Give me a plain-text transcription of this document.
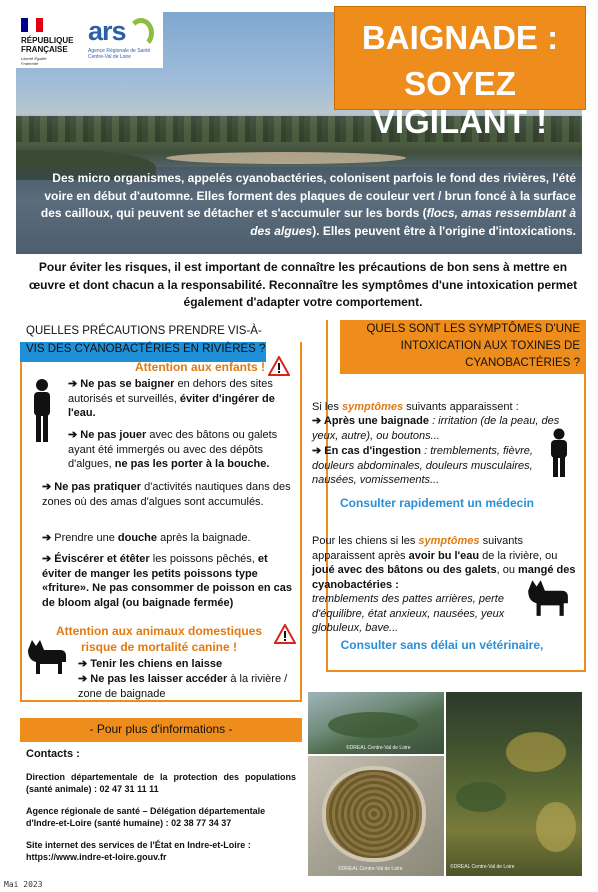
RÉPUBLIQUE FRANÇAISE
Liberté Égalité Fraternité
ars
Agence Régionale de Santé Centre-Val de Loire
BAIGNADE :
SOYEZ VIGILANT !
Des micro organismes, appelés cyanobactéries, colonisent parfois le fond des rivières, l'été voire en début d'automne. Elles forment des plaques de couleur vert / brun foncé à la surface des cailloux, qui peuvent se détacher et s'accumuler sur les bords (flocs, amas ressemblant à des algues). Elles peuvent être à l'origine d'intoxications.
Pour éviter les risques, il est important de connaître les précautions de bon sens à mettre en œuvre et dont chacun a la responsabilité. Reconnaître les symptômes d'une intoxication permet également d'adapter votre comportement.
QUELLES PRÉCAUTIONS PRENDRE VIS-À-VIS DES CYANOBACTÉRIES EN RIVIÈRES ?
QUELS SONT LES SYMPTÔMES D'UNE INTOXICATION AUX TOXINES DE CYANOBACTÉRIES ?
Attention aux enfants !
➔ Ne pas se baigner en dehors des sites autorisés et surveillés, éviter d'ingérer de l'eau.
➔ Ne pas jouer avec des bâtons ou galets ayant été immergés ou avec des dépôts d'algues, ne pas les porter à la bouche.
➔ Ne pas pratiquer d'activités nautiques dans des zones où des amas d'algues sont accumulés.
➔ Prendre une douche après la baignade.
➔ Éviscérer et étêter les poissons pêchés, et éviter de manger les petits poissons type «friture». Ne pas consommer de poisson en cas de bloom algal (ou baignade fermée)
Attention aux animaux domestiques
risque de mortalité canine !
➔ Tenir les chiens en laisse
➔ Ne pas les laisser accéder à la rivière / zone de baignade
Si les symptômes suivants apparaissent :
➔ Après une baignade : irritation (de la peau, des yeux, autre), ou boutons...
➔ En cas d'ingestion : tremblements, fièvre, douleurs abdominales, douleurs musculaires, nausées, vomissements...
Consulter rapidement un médecin
Pour les chiens si les symptômes suivants apparaissent après avoir bu l'eau de la rivière, ou joué avec des bâtons ou des galets, ou mangé des cyanobactéries :
tremblements des pattes arrières, perte d'équilibre, état anxieux, nausées, yeux globuleux, bave...
Consulter sans délai un vétérinaire,
- Pour plus d'informations -
Contacts :
Direction départementale de la protection des populations (santé animale) : 02 47 31 11 11
Agence régionale de santé – Délégation départementale d'Indre-et-Loire (santé humaine) : 02 38 77 34 37
Site internet des services de l'État en Indre-et-Loire : https://www.indre-et-loire.gouv.fr
©DREAL Centre-Val de Loire
©DREAL Centre-Val de Loire
©DREAL Centre-Val de Loire
Mai 2023
